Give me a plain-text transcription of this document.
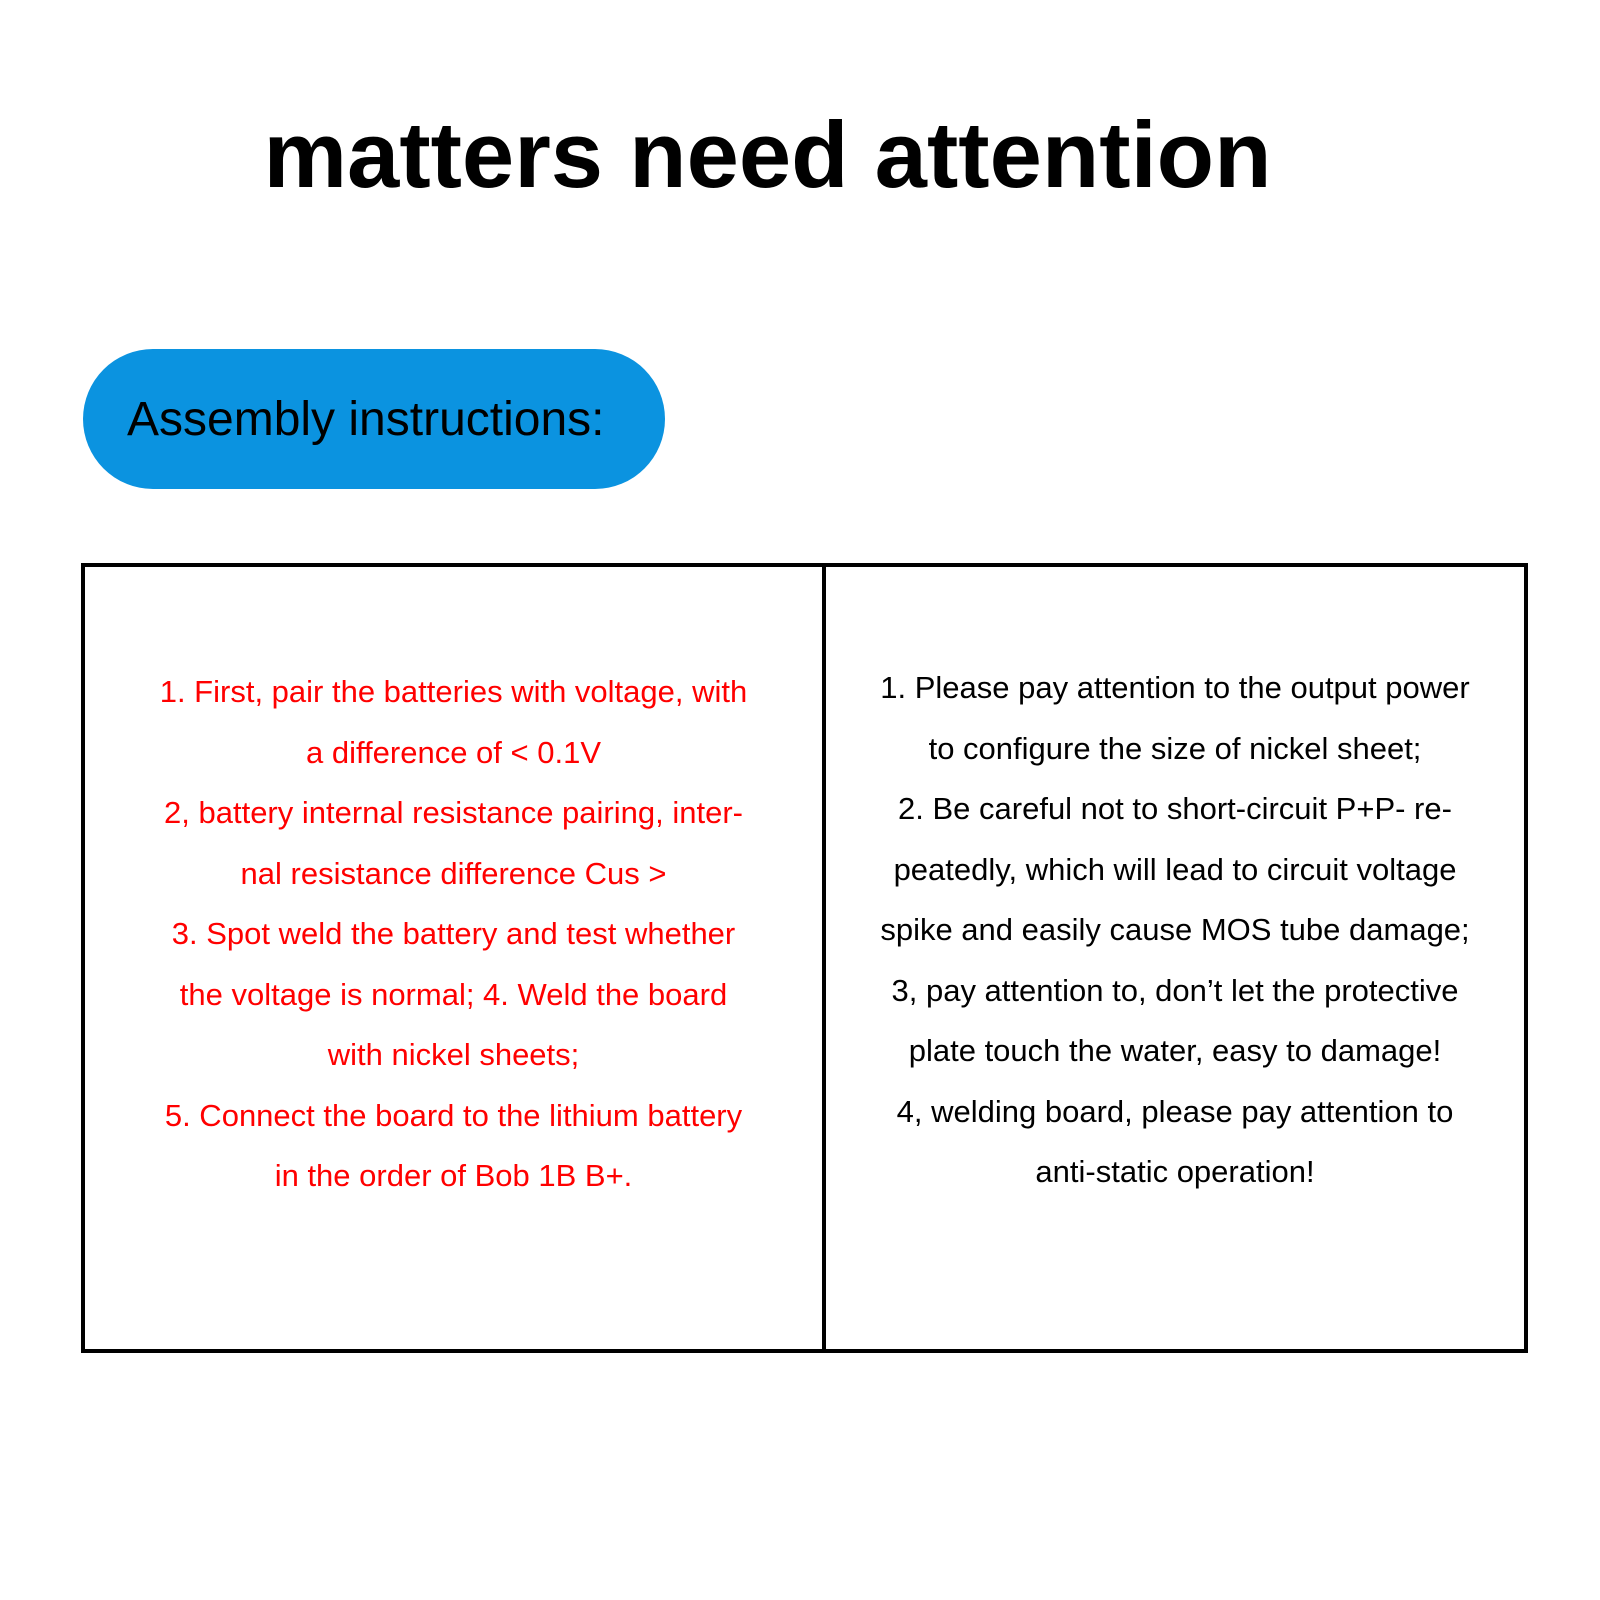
matters need attention
Assembly instructions:
1. First, pair the batteries with voltage, with
a difference of < 0.1V
2, battery internal resistance pairing, inter-
nal resistance difference Cus >
3. Spot weld the battery and test whether
the voltage is normal; 4. Weld the board
with nickel sheets;
5. Connect the board to the lithium battery
in the order of Bob 1B B+.
1. Please pay attention to the output power
to configure the size of nickel sheet;
2. Be careful not to short-circuit P+P- re-
peatedly, which will lead to circuit voltage
spike and easily cause MOS tube damage;
3, pay attention to, don’t let the protective
plate touch the water, easy to damage!
4, welding board, please pay attention to
anti-static operation!
